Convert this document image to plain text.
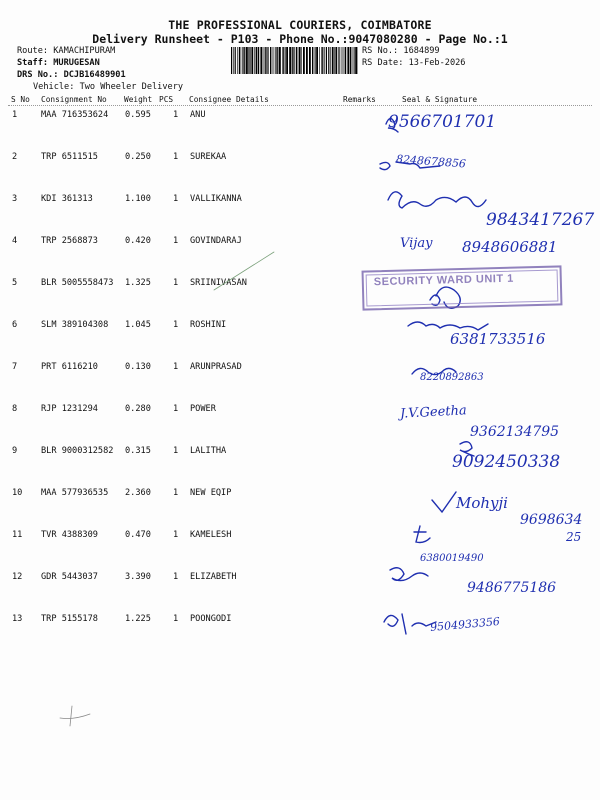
THE PROFESSIONAL COURIERS, COIMBATORE
Delivery Runsheet - P103 - Phone No.:9047080280 - Page No.:1
Route: KAMACHIPURAM
Staff: MURUGESAN
DRS No.: DCJB16489901
RS No.: 1684899
RS Date: 13-Feb-2026
Vehicle: Two Wheeler Delivery
S No Consignment No Weight PCS Consignee Details	Remarks	Seal & Signature
1	MAA 716353624 0.595	1 ANU
2	TRP 6511515	0.250	1 SUREKAA
3	KDI 361313	1.100	1 VALLIKANNA
4	TRP 2568873	0.420	1 GOVINDARAJ
5	BLR 5005558473 1.325	1 SRIINIVASAN
6	SLM 389104308 1.045	1 ROSHINI
7	PRT 6116210	0.130	1 ARUNPRASAD
8	RJP 1231294	0.280	1 POWER
9	BLR 9000312582 0.315	1 LALITHA
10 MAA 577936535 2.360	1 NEW EQIP
11 TVR 4388309	0.470	1 KAMELESH
12 GDR 5443037	3.390	1 ELIZABETH
13 TRP 5155178	1.225	1 POONGODI
9566701701
8248678856
9843417267
Vijay 8948606881
6381733516
8220892863
J.V.Geetha
9362134795
9092450338
Mohyji
9698634
25
6380019490
9486775186
9504933356
SECURITY WARD UNIT 1
